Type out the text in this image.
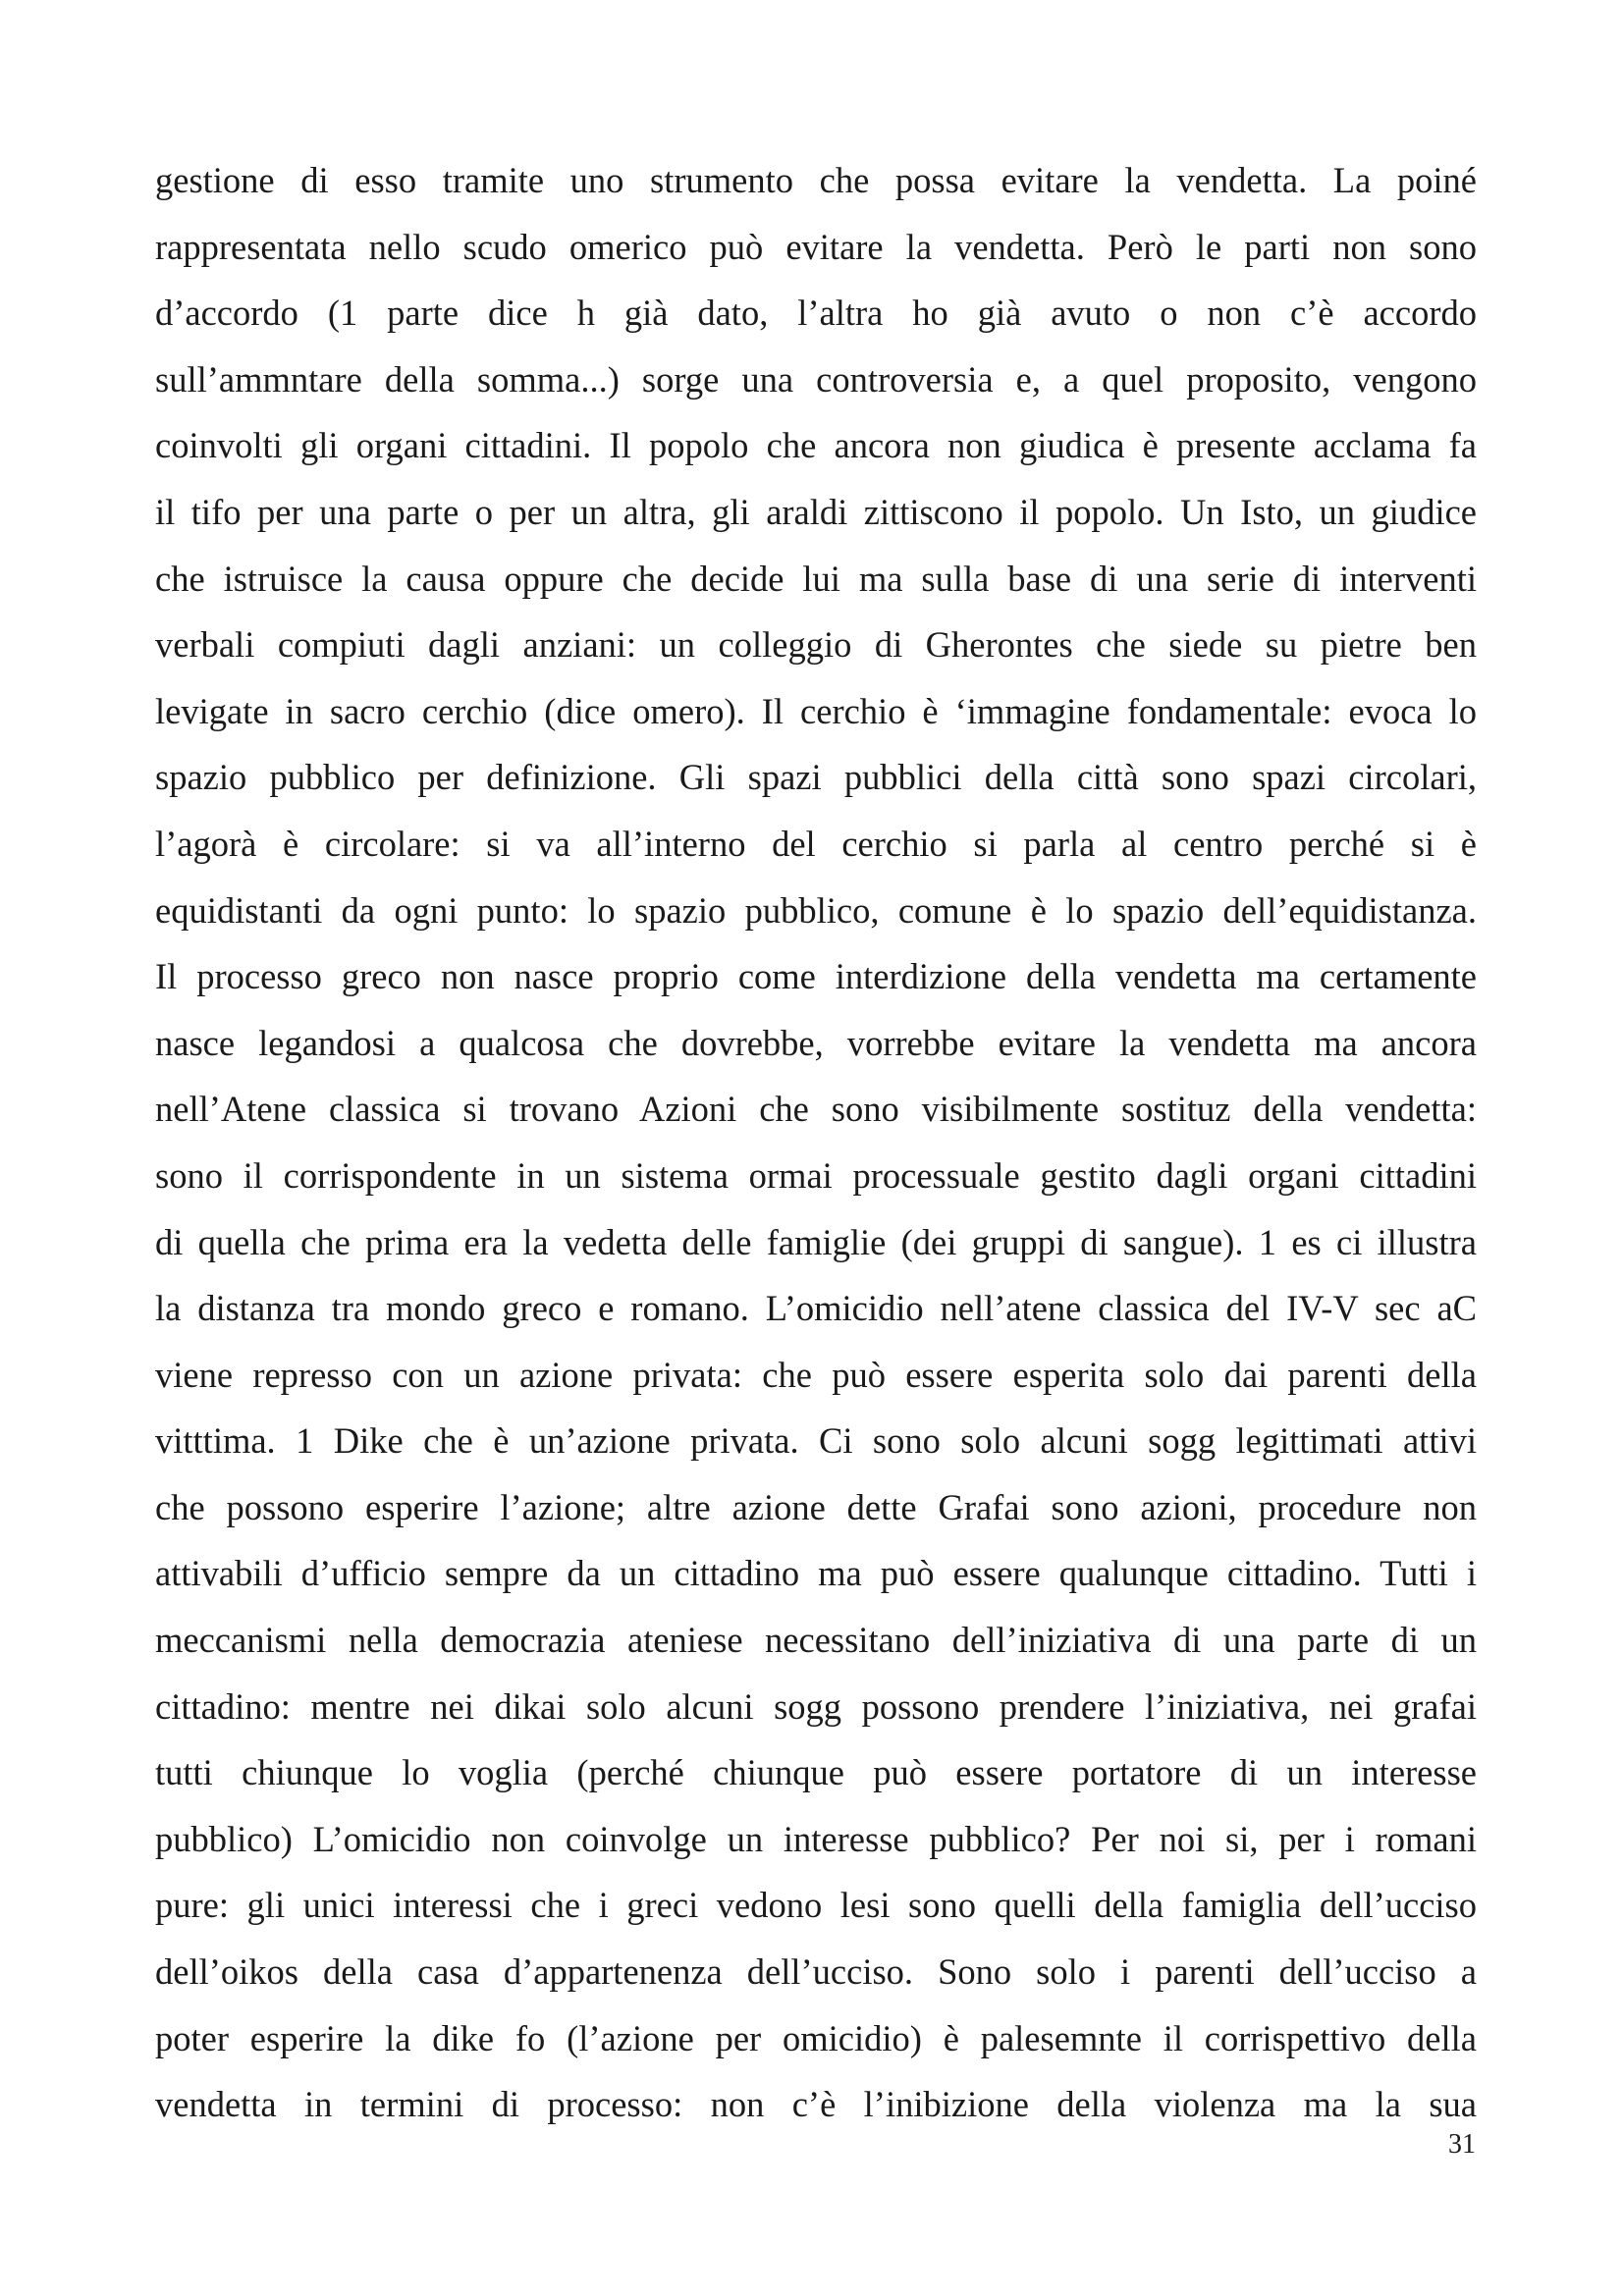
gestione di esso tramite uno strumento che possa evitare la vendetta. La poiné
rappresentata nello scudo omerico può evitare la vendetta. Però le parti non sono
d’accordo (1 parte dice h già dato, l’altra ho già avuto o non c’è accordo
sull’ammntare della somma...) sorge una controversia e, a quel proposito, vengono
coinvolti gli organi cittadini. Il popolo che ancora non giudica è presente acclama fa
il tifo per una parte o per un altra, gli araldi zittiscono il popolo. Un Isto, un giudice
che istruisce la causa oppure che decide lui ma sulla base di una serie di interventi
verbali compiuti dagli anziani: un colleggio di Gherontes che siede su pietre ben
levigate in sacro cerchio (dice omero). Il cerchio è ‘immagine fondamentale: evoca lo
spazio pubblico per definizione. Gli spazi pubblici della città sono spazi circolari,
l’agorà è circolare: si va all’interno del cerchio si parla al centro perché si è
equidistanti da ogni punto: lo spazio pubblico, comune è lo spazio dell’equidistanza.
Il processo greco non nasce proprio come interdizione della vendetta ma certamente
nasce legandosi a qualcosa che dovrebbe, vorrebbe evitare la vendetta ma ancora
nell’Atene classica si trovano Azioni che sono visibilmente sostituz della vendetta:
sono il corrispondente in un sistema ormai processuale gestito dagli organi cittadini
di quella che prima era la vedetta delle famiglie (dei gruppi di sangue). 1 es ci illustra
la distanza tra mondo greco e romano. L’omicidio nell’atene classica del IV-V sec aC
viene represso con un azione privata: che può essere esperita solo dai parenti della
vitttima. 1 Dike che è un’azione privata. Ci sono solo alcuni sogg legittimati attivi
che possono esperire l’azione; altre azione dette Grafai sono azioni, procedure non
attivabili d’ufficio sempre da un cittadino ma può essere qualunque cittadino. Tutti i
meccanismi nella democrazia ateniese necessitano dell’iniziativa di una parte di un
cittadino: mentre nei dikai solo alcuni sogg possono prendere l’iniziativa, nei grafai
tutti chiunque lo voglia (perché chiunque può essere portatore di un interesse
pubblico) L’omicidio non coinvolge un interesse pubblico? Per noi si, per i romani
pure: gli unici interessi che i greci vedono lesi sono quelli della famiglia dell’ucciso
dell’oikos della casa d’appartenenza dell’ucciso. Sono solo i parenti dell’ucciso a
poter esperire la dike fo (l’azione per omicidio) è palesemnte il corrispettivo della
vendetta in termini di processo: non c’è l’inibizione della violenza ma la sua
31
